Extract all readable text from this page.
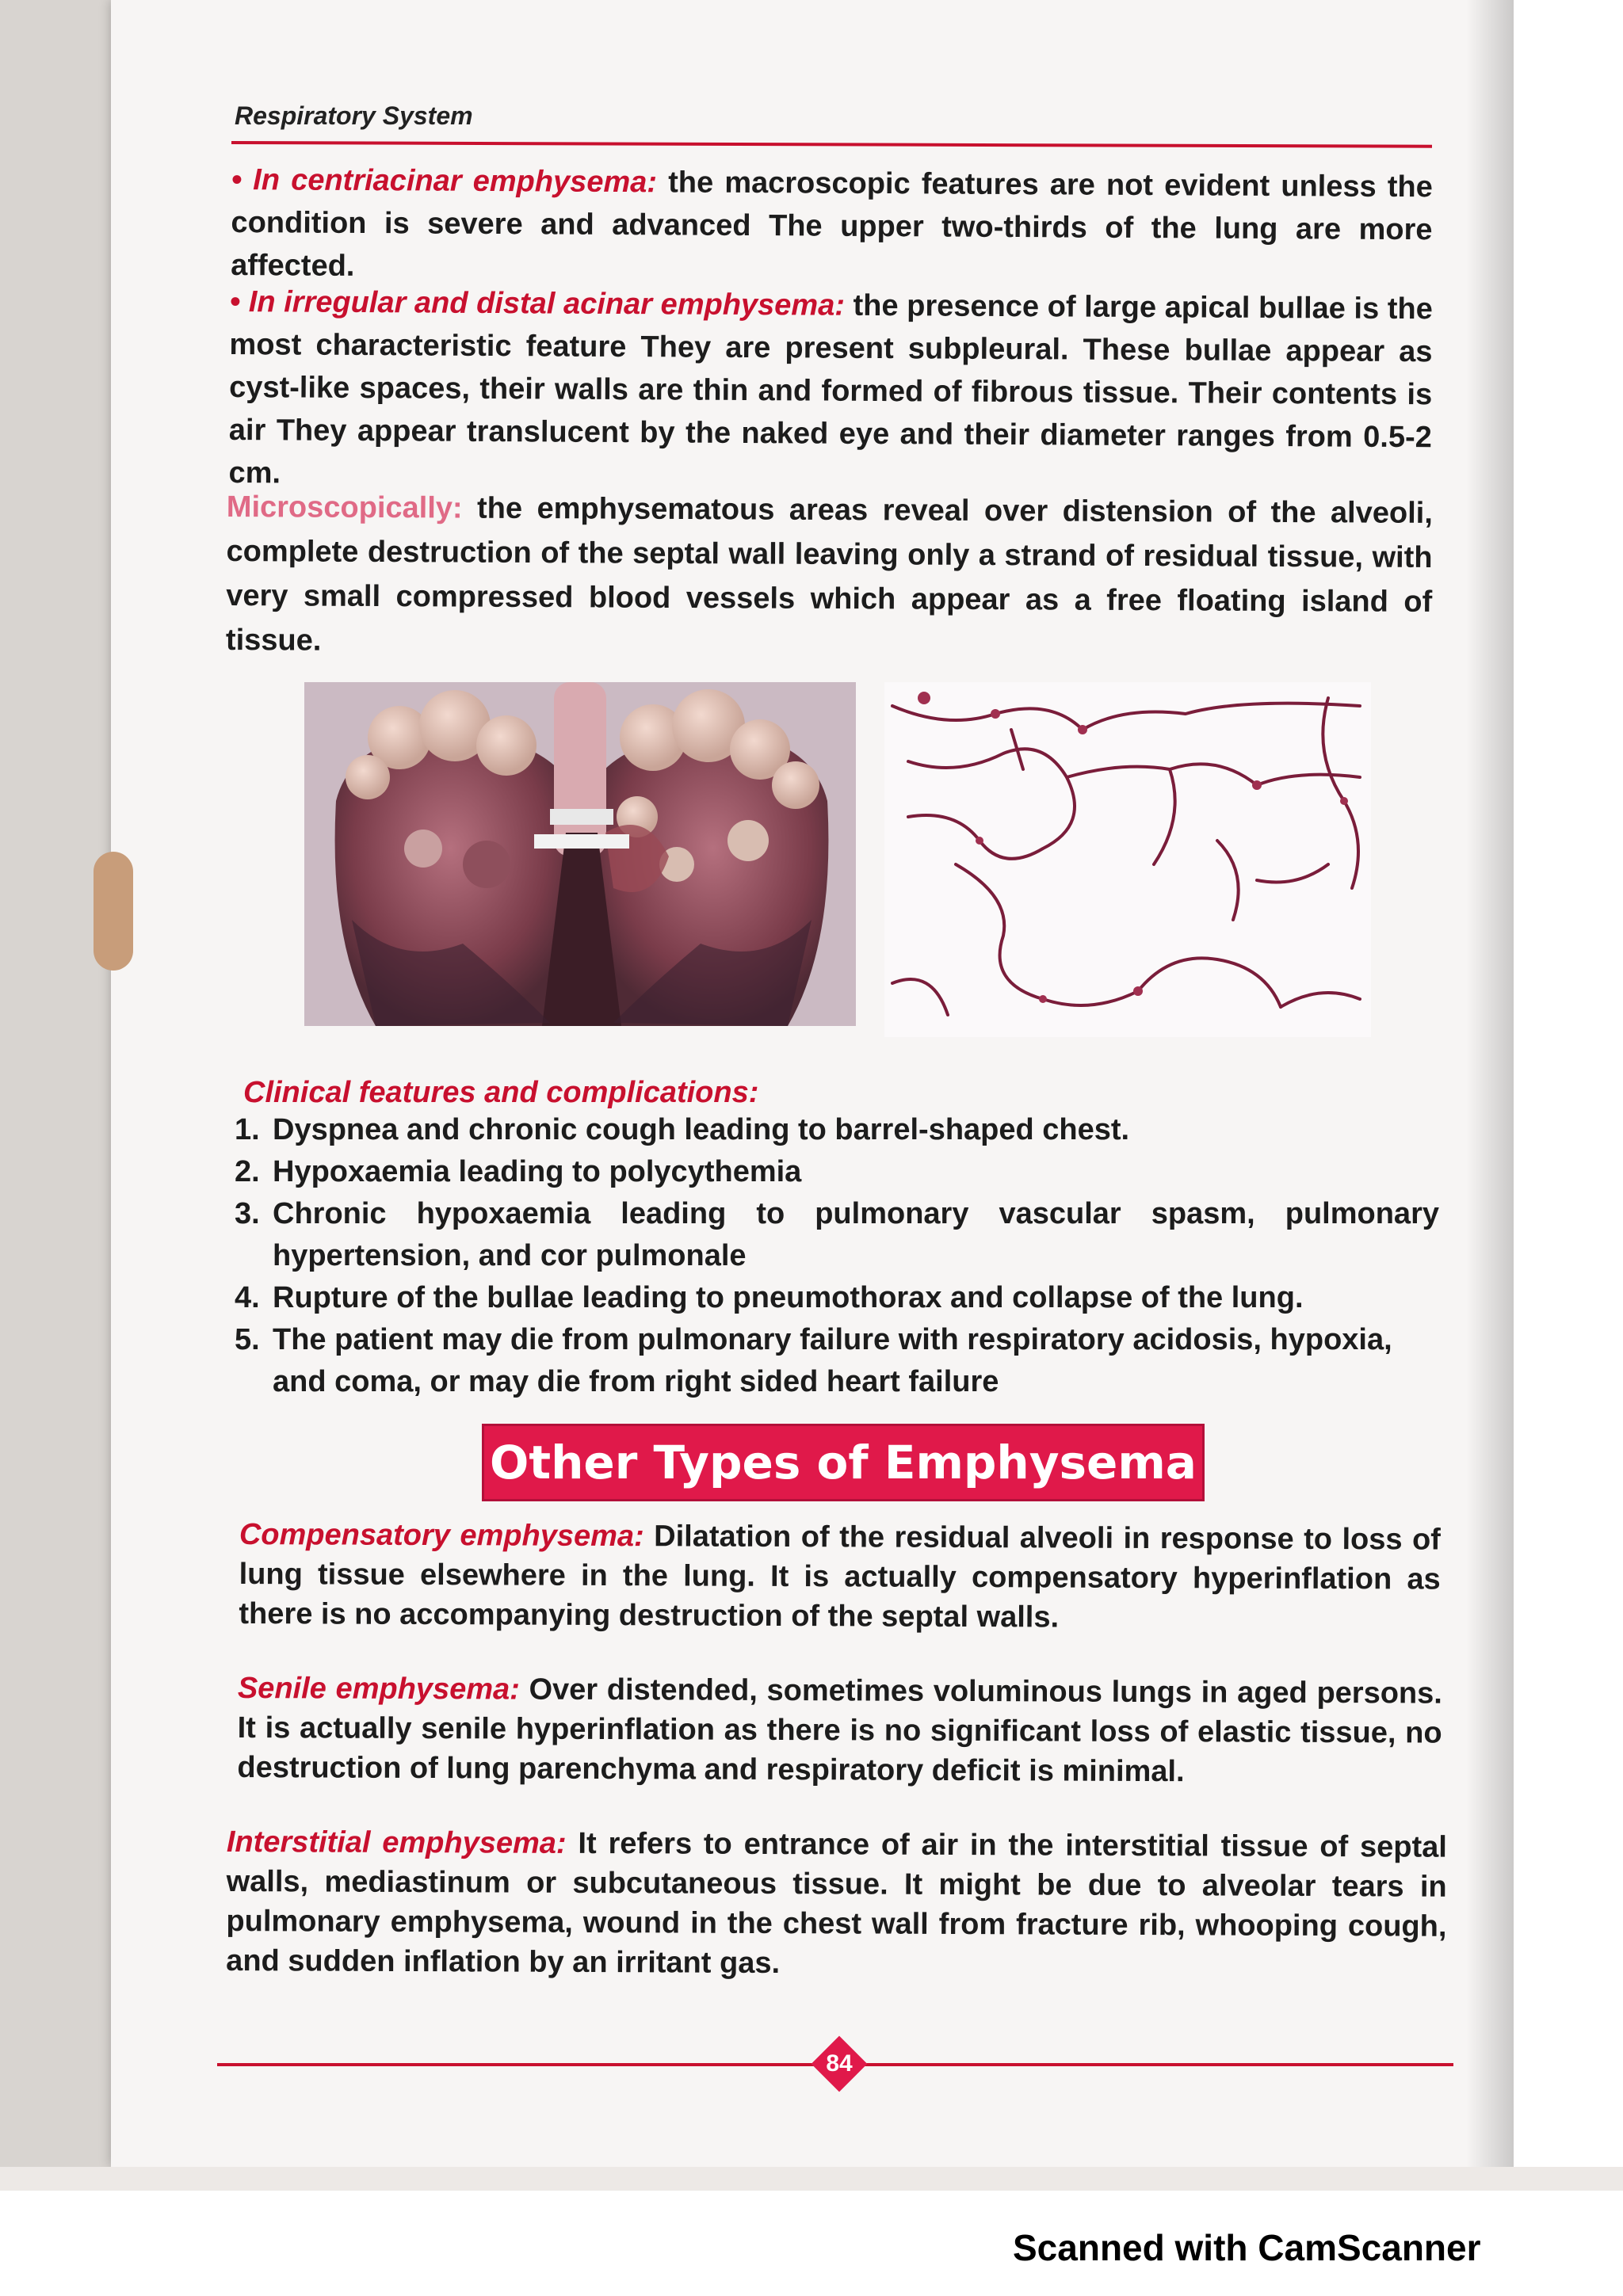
Respiratory System

• In centriacinar emphysema: the macroscopic features are not evident unless the condition is severe and advanced The upper two-thirds of the lung are more affected.

• In irregular and distal acinar emphysema: the presence of large apical bullae is the most characteristic feature They are present subpleural. These bullae appear as cyst-like spaces, their walls are thin and formed of fibrous tissue. Their contents is air They appear translucent by the naked eye and their diameter ranges from 0.5-2 cm.

Microscopically: the emphysematous areas reveal over distension of the alveoli, complete destruction of the septal wall leaving only a strand of residual tissue, with very small compressed blood vessels which appear as a free floating island of tissue.

Clinical features and complications:

1. Dyspnea and chronic cough leading to barrel-shaped chest.
2. Hypoxaemia leading to polycythemia
3. Chronic hypoxaemia leading to pulmonary vascular spasm, pulmonary hypertension, and cor pulmonale
4. Rupture of the bullae leading to pneumothorax and collapse of the lung.
5. The patient may die from pulmonary failure with respiratory acidosis, hypoxia, and coma, or may die from right sided heart failure
Other Types of Emphysema

Compensatory emphysema: Dilatation of the residual alveoli in response to loss of lung tissue elsewhere in the lung. It is actually compensatory hyperinflation as there is no accompanying destruction of the septal walls.

Senile emphysema: Over distended, sometimes voluminous lungs in aged persons. It is actually senile hyperinflation as there is no significant loss of elastic tissue, no destruction of lung parenchyma and respiratory deficit is minimal.

Interstitial emphysema: It refers to entrance of air in the interstitial tissue of septal walls, mediastinum or subcutaneous tissue. It might be due to alveolar tears in pulmonary emphysema, wound in the chest wall from fracture rib, whooping cough, and sudden inflation by an irritant gas.

84

Scanned with CamScanner
